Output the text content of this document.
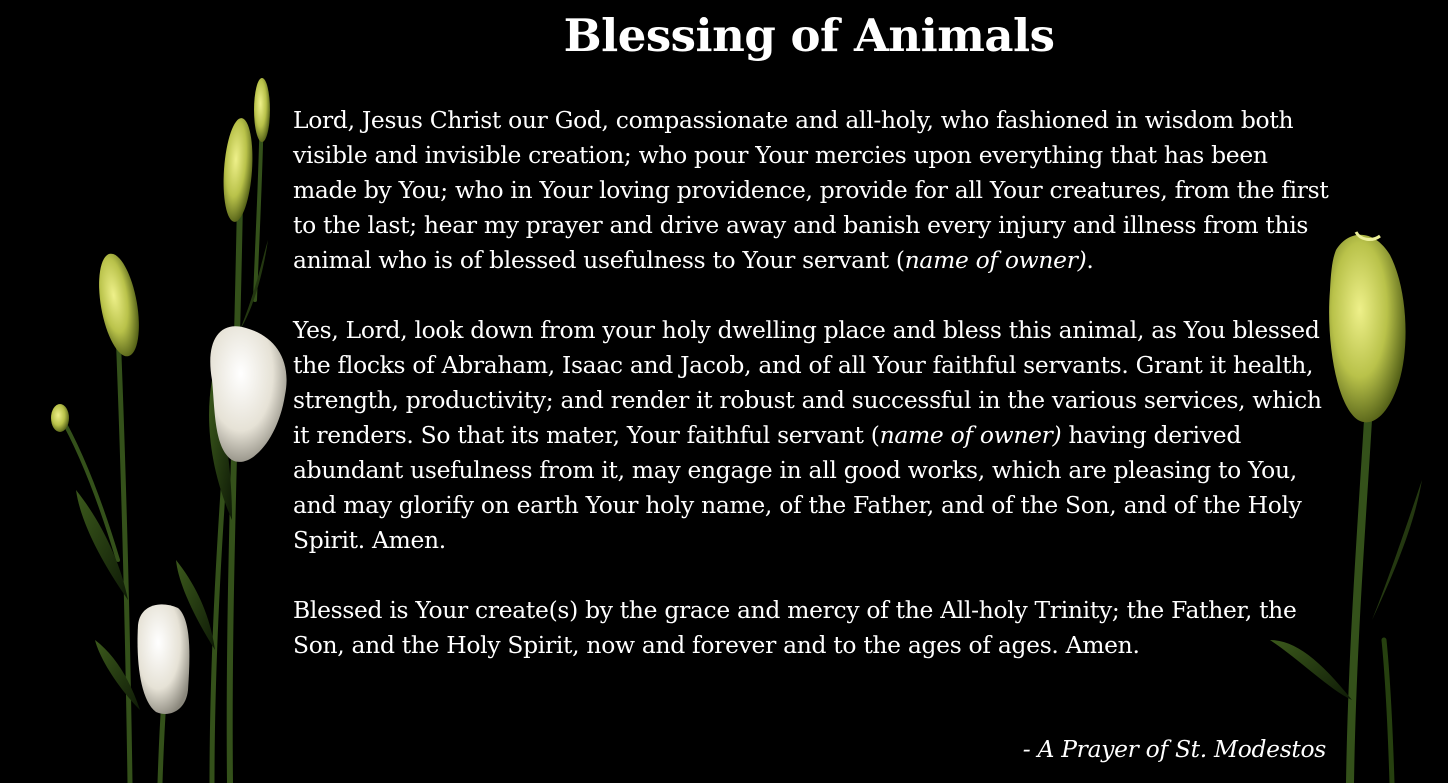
Blessing of Animals

Lord, Jesus Christ our God, compassionate and all-holy, who fashioned in wisdom both visible and invisible creation; who pour Your mercies upon everything that has been made by You; who in Your loving providence, provide for all Your creatures, from the first to the last; hear my prayer and drive away and banish every injury and illness from this animal who is of blessed usefulness to Your servant (name of owner).

Yes, Lord, look down from your holy dwelling place and bless this animal, as You blessed the flocks of Abraham, Isaac and Jacob, and of all Your faithful servants. Grant it health, strength, productivity; and render it robust and successful in the various services, which it renders. So that its mater, Your faithful servant (name of owner) having derived abundant usefulness from it, may engage in all good works, which are pleasing to You, and may glorify on earth Your holy name, of the Father, and of the Son, and of the Holy Spirit. Amen.

Blessed is Your create(s) by the grace and mercy of the All-holy Trinity; the Father, the Son, and the Holy Spirit, now and forever and to the ages of ages. Amen.

- A Prayer of St. Modestos
